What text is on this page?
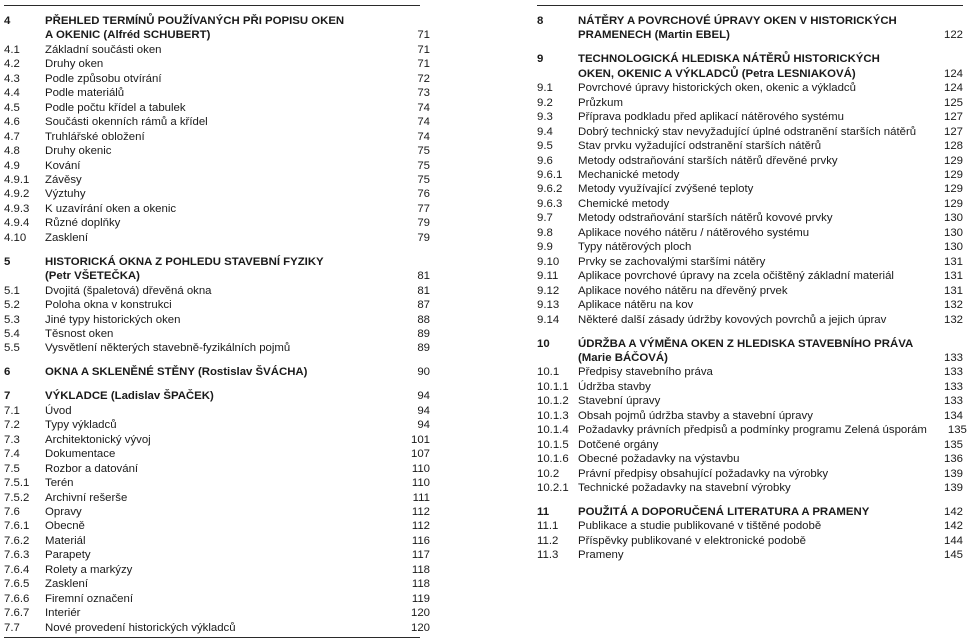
4	PŘEHLED TERMÍNŮ POUŽÍVANÝCH PŘI POPISU OKEN
A OKENIC (Alfréd SCHUBERT)	71
4.1	Základní součásti oken	71
4.2	Druhy oken	71
4.3	Podle způsobu otvírání	72
4.4	Podle materiálů	73
4.5	Podle počtu křídel a tabulek	74
4.6	Součásti okenních rámů a křídel	74
4.7	Truhlářské obložení	74
4.8	Druhy okenic	75
4.9	Kování	75
4.9.1	Závěsy	75
4.9.2	Výztuhy	76
4.9.3	K uzavírání oken a okenic	77
4.9.4	Různé doplňky	79
4.10	Zasklení	79
5	HISTORICKÁ OKNA Z POHLEDU STAVEBNÍ FYZIKY
(Petr VŠETEČKA)	81
5.1	Dvojitá (špaletová) dřevěná okna	81
5.2	Poloha okna v konstrukci	87
5.3	Jiné typy historických oken	88
5.4	Těsnost oken	89
5.5	Vysvětlení některých stavebně-fyzikálních pojmů	89
6	OKNA A SKLENĚNÉ STĚNY (Rostislav ŠVÁCHA)	90
7	VÝKLADCE (Ladislav ŠPAČEK)	94
7.1	Úvod	94
7.2	Typy výkladců	94
7.3	Architektonický vývoj	101
7.4	Dokumentace	107
7.5	Rozbor a datování	110
7.5.1	Terén	110
7.5.2	Archivní rešerše	111
7.6	Opravy	112
7.6.1	Obecně	112
7.6.2	Materiál	116
7.6.3	Parapety	117
7.6.4	Rolety a markýzy	118
7.6.5	Zasklení	118
7.6.6	Firemní označení	119
7.6.7	Interiér	120
7.7	Nové provedení historických výkladců	120
8	NÁTĚRY A POVRCHOVÉ ÚPRAVY OKEN V HISTORICKÝCH
PRAMENECH (Martin EBEL)	122
9	TECHNOLOGICKÁ HLEDISKA NÁTĚRŮ HISTORICKÝCH
OKEN, OKENIC A VÝKLADCŮ (Petra LESNIAKOVÁ)	124
9.1	Povrchové úpravy historických oken, okenic a výkladců	124
9.2	Průzkum	125
9.3	Příprava podkladu před aplikací nátěrového systému	127
9.4	Dobrý technický stav nevyžadující úplné odstranění starších nátěrů	127
9.5	Stav prvku vyžadující odstranění starších nátěrů	128
9.6	Metody odstraňování starších nátěrů dřevěné prvky	129
9.6.1	Mechanické metody	129
9.6.2	Metody využívající zvýšené teploty	129
9.6.3	Chemické metody	129
9.7	Metody odstraňování starších nátěrů kovové prvky	130
9.8	Aplikace nového nátěru / nátěrového systému	130
9.9	Typy nátěrových ploch	130
9.10	Prvky se zachovalými staršími nátěry	131
9.11	Aplikace povrchové úpravy na zcela očištěný základní materiál	131
9.12	Aplikace nového nátěru na dřevěný prvek	131
9.13	Aplikace nátěru na kov	132
9.14	Některé další zásady údržby kovových povrchů a jejich úprav	132
10	ÚDRŽBA A VÝMĚNA OKEN Z HLEDISKA STAVEBNÍHO PRÁVA
(Marie BÁČOVÁ)	133
10.1	Předpisy stavebního práva	133
10.1.1 Údržba stavby	133
10.1.2 Stavební úpravy	133
10.1.3 Obsah pojmů údržba stavby a stavební úpravy	134
10.1.4 Požadavky právních předpisů a podmínky programu Zelená úsporám	135
10.1.5 Dotčené orgány	135
10.1.6 Obecné požadavky na výstavbu	136
10.2	Právní předpisy obsahující požadavky na výrobky	139
10.2.1 Technické požadavky na stavební výrobky	139
11	POUŽITÁ A DOPORUČENÁ LITERATURA A PRAMENY	142
11.1	Publikace a studie publikované v tištěné podobě	142
11.2	Příspěvky publikované v elektronické podobě	144
11.3	Prameny	145
